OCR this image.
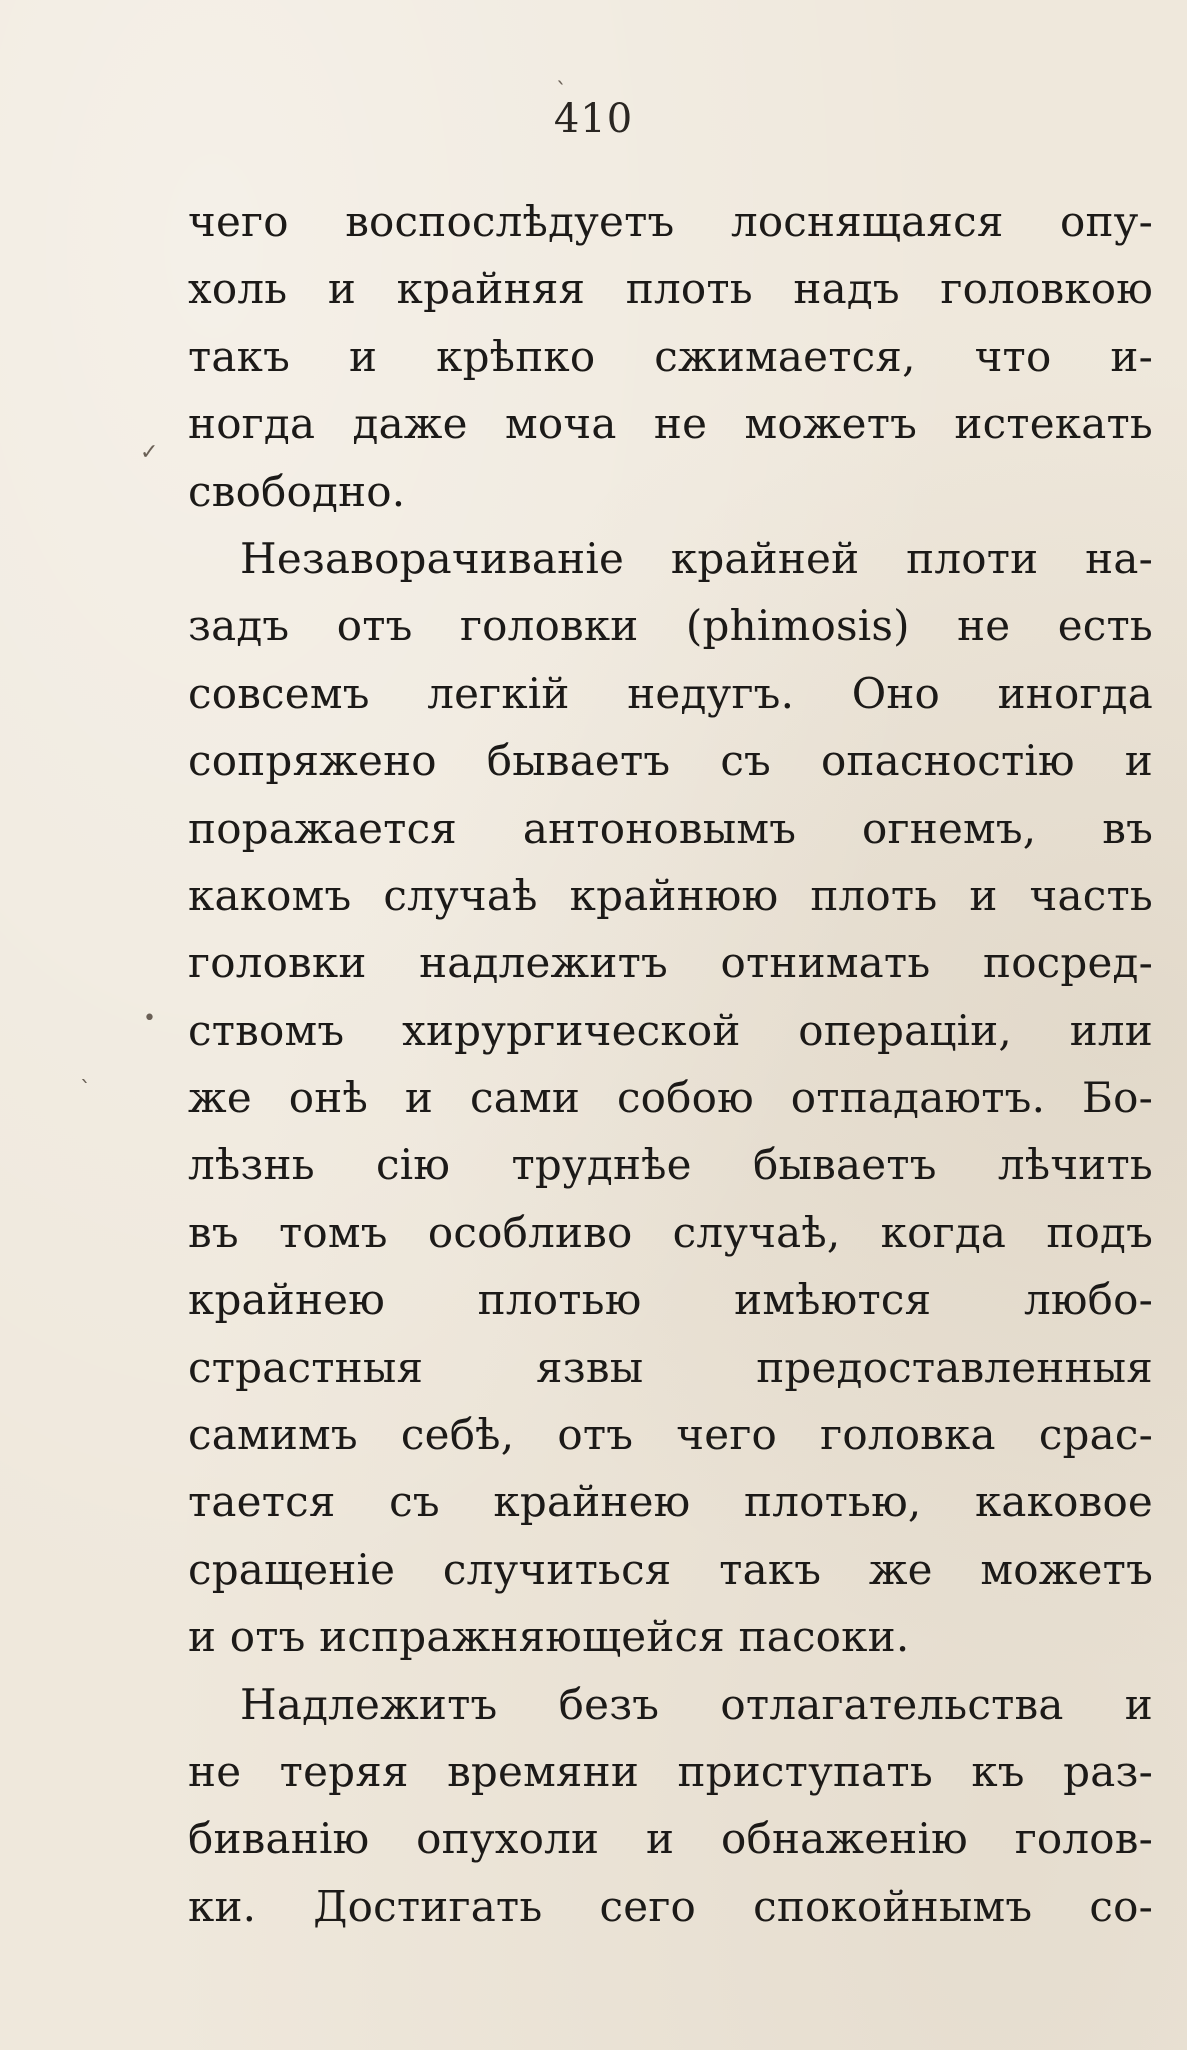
410
чего воспослѣдуетъ лоснящаяся опу-
холь и крайняя плоть надъ головкою
такъ и крѣпко сжимается, что и-
ногда даже моча не можетъ истекать
свободно.
Незаворачиваніе крайней плоти на-
задъ отъ головки (phimosis) не есть
совсемъ легкій недугъ. Оно иногда
сопряжено бываетъ съ опасностію и
поражается антоновымъ огнемъ, въ
какомъ случаѣ крайнюю плоть и часть
головки надлежитъ отнимать посред-
ствомъ хирургической операціи, или
же онѣ и сами собою отпадаютъ. Бо-
лѣзнь сію труднѣе бываетъ лѣчить
въ томъ особливо случаѣ, когда подъ
крайнею плотью имѣются любо-
страстныя язвы предоставленныя
самимъ себѣ, отъ чего головка срас-
тается съ крайнею плотью, каковое
сращеніе случиться такъ же можетъ
и отъ испражняющейся пасоки.
Надлежитъ безъ отлагательства и
не теряя времяни приступать къ раз-
биванію опухоли и обнаженію голов-
ки. Достигать сего спокойнымъ со-
✓
•
ˋ
ˎ
